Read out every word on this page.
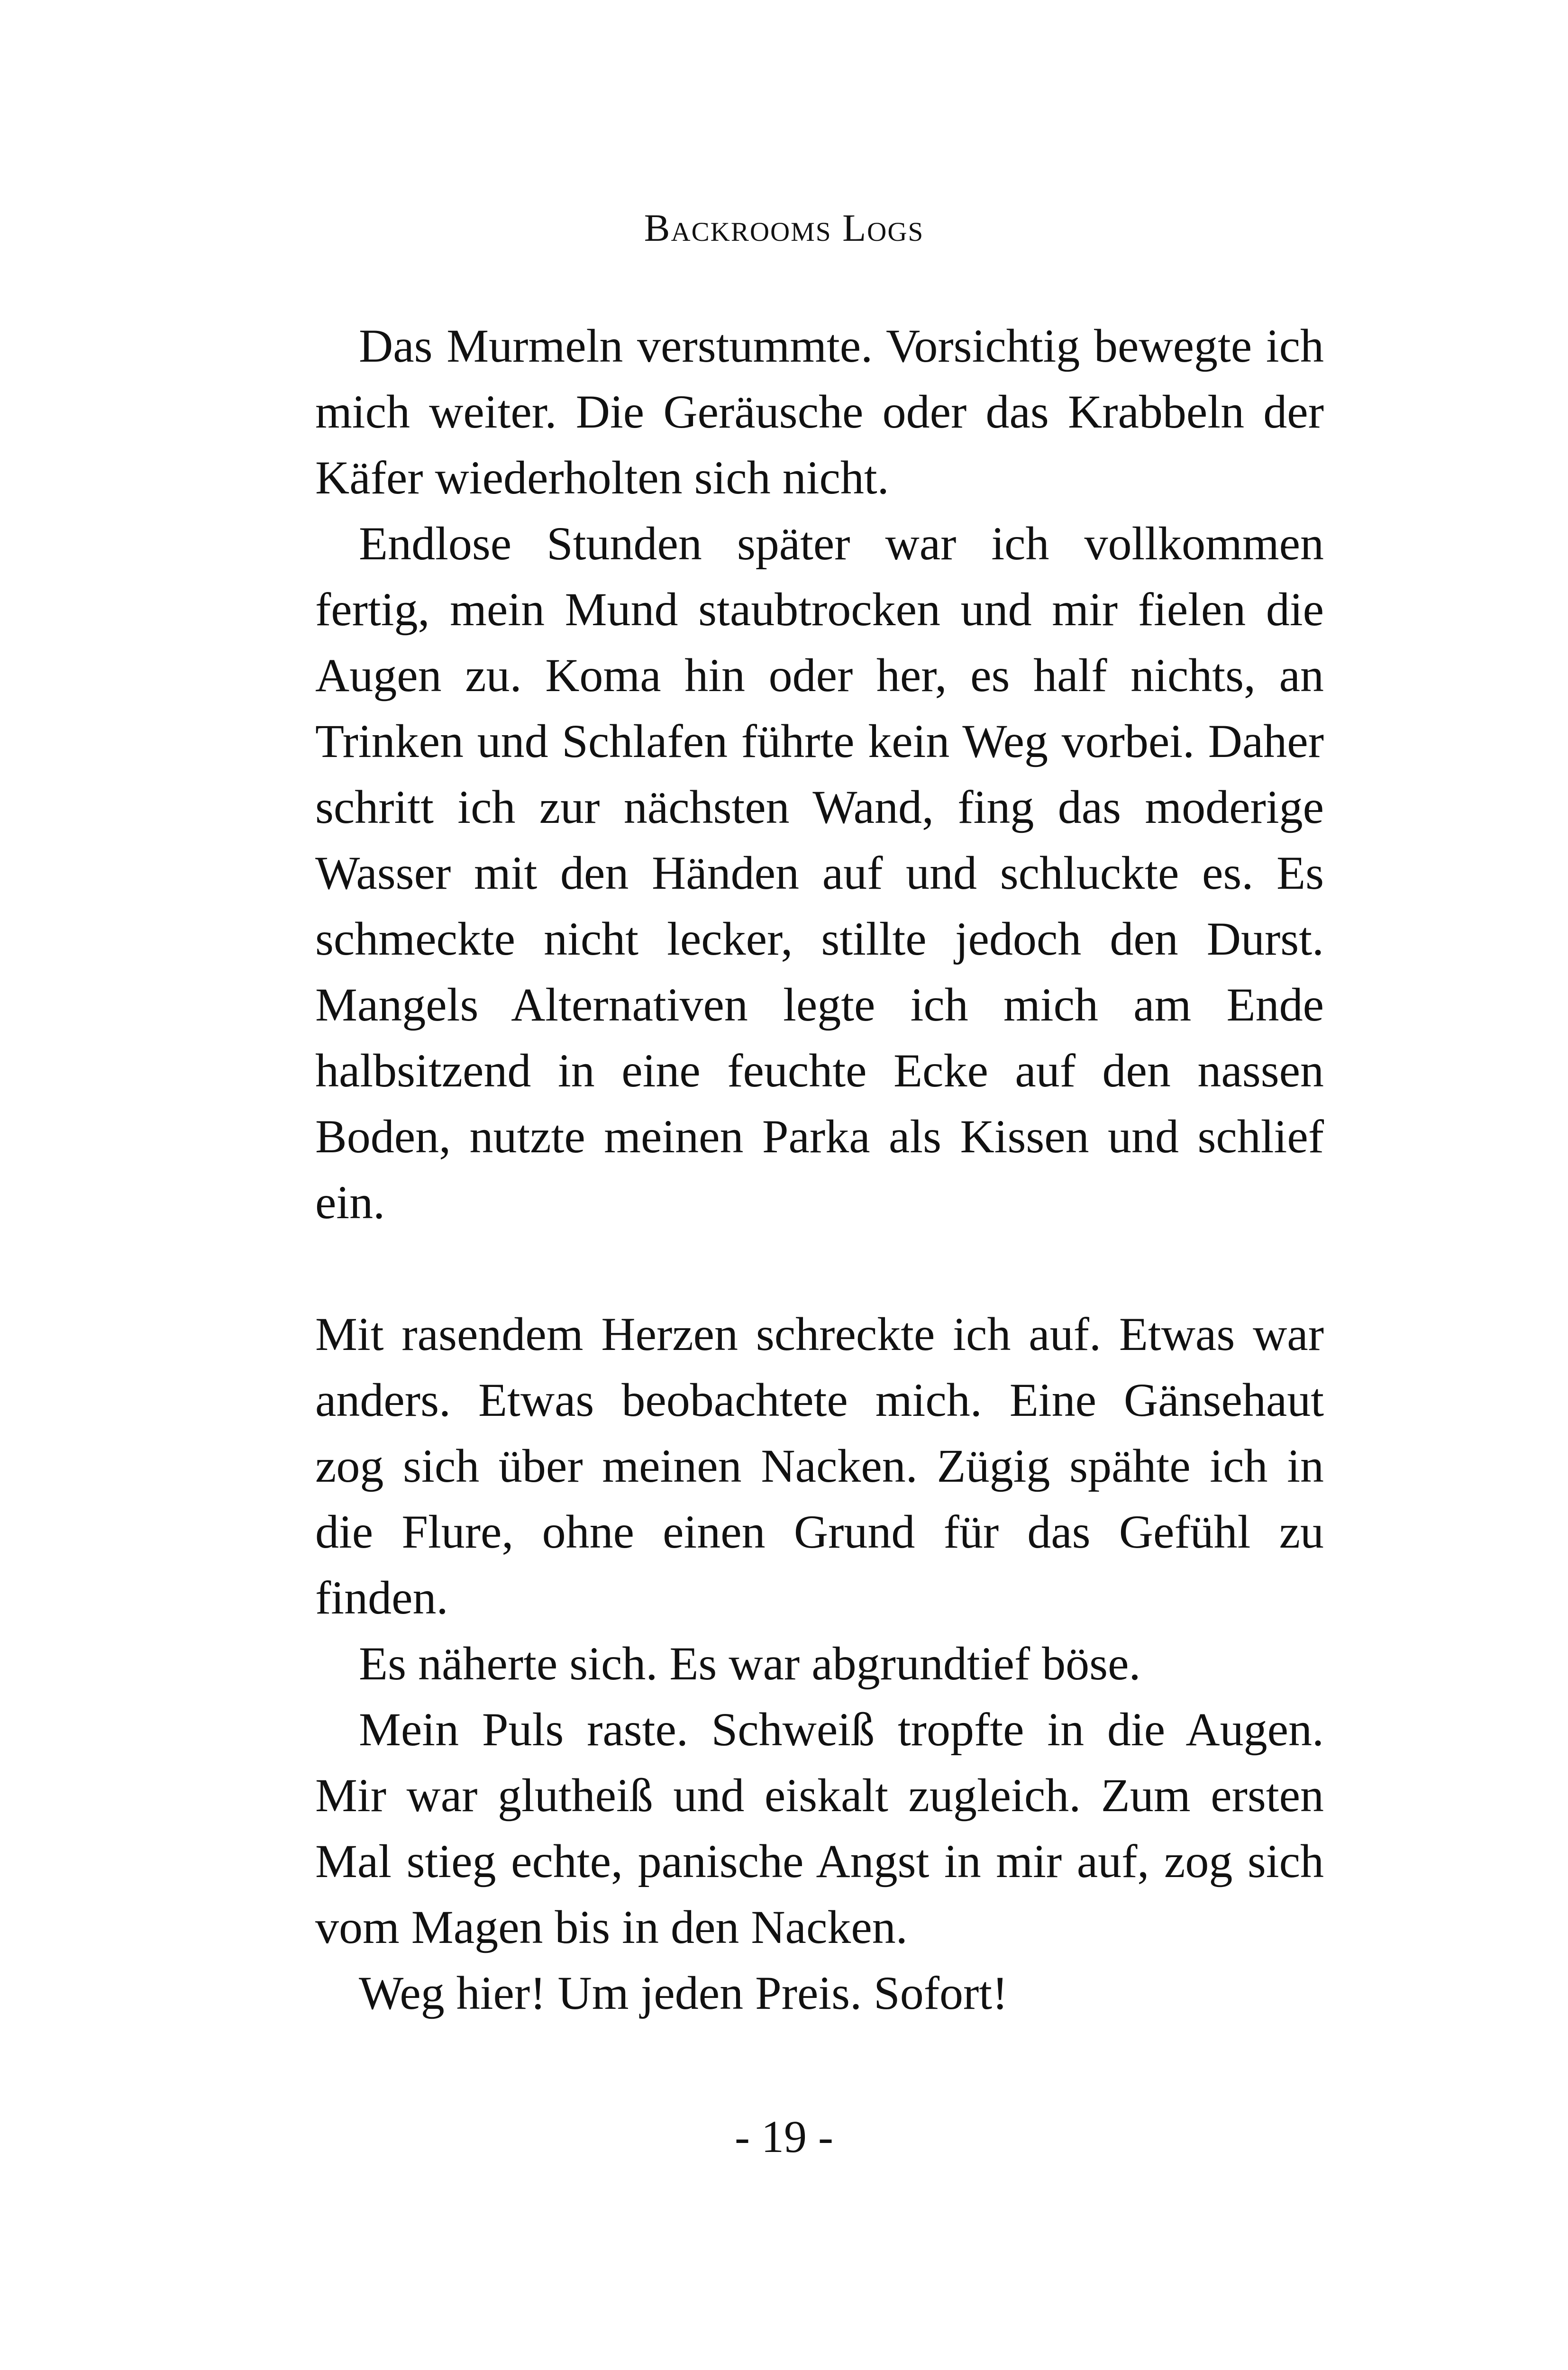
Backrooms Logs

Das Murmeln verstummte. Vorsichtig bewegte ich mich weiter. Die Geräusche oder das Krabbeln der Käfer wiederholten sich nicht.

Endlose Stunden später war ich vollkommen fertig, mein Mund staubtrocken und mir fielen die Augen zu. Koma hin oder her, es half nichts, an Trinken und Schlafen führte kein Weg vorbei. Daher schritt ich zur nächsten Wand, fing das moderige Wasser mit den Händen auf und schluckte es. Es schmeckte nicht lecker, stillte jedoch den Durst. Mangels Alternativen legte ich mich am Ende halbsitzend in eine feuchte Ecke auf den nassen Boden, nutzte meinen Parka als Kissen und schlief ein.

Mit rasendem Herzen schreckte ich auf. Etwas war anders. Etwas beobachtete mich. Eine Gänsehaut zog sich über meinen Nacken. Zügig spähte ich in die Flure, ohne einen Grund für das Gefühl zu finden.

Es näherte sich. Es war abgrundtief böse.

Mein Puls raste. Schweiß tropfte in die Augen. Mir war glutheiß und eiskalt zugleich. Zum ersten Mal stieg echte, panische Angst in mir auf, zog sich vom Magen bis in den Nacken.

Weg hier! Um jeden Preis. Sofort!

- 19 -
